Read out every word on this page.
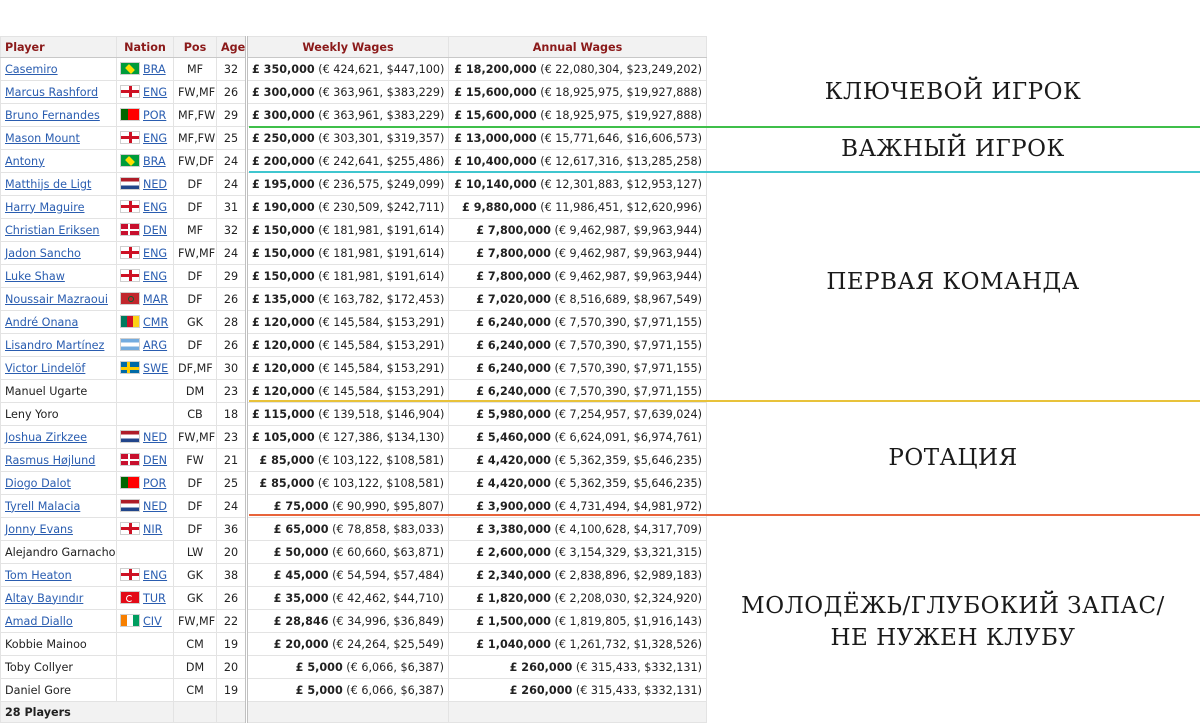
Player	Nation	Pos	Age	Weekly Wages	Annual Wages
Casemiro	BRA	MF	32	£ 350,000 (€ 424,621, $447,100)	£ 18,200,000 (€ 22,080,304, $23,249,202)
Marcus Rashford	ENG	FW,MF	26	£ 300,000 (€ 363,961, $383,229)	£ 15,600,000 (€ 18,925,975, $19,927,888)
Bruno Fernandes	POR	MF,FW	29	£ 300,000 (€ 363,961, $383,229)	£ 15,600,000 (€ 18,925,975, $19,927,888)
Mason Mount	ENG	MF,FW	25	£ 250,000 (€ 303,301, $319,357)	£ 13,000,000 (€ 15,771,646, $16,606,573)
Antony	BRA	FW,DF	24	£ 200,000 (€ 242,641, $255,486)	£ 10,400,000 (€ 12,617,316, $13,285,258)
Matthijs de Ligt	NED	DF	24	£ 195,000 (€ 236,575, $249,099)	£ 10,140,000 (€ 12,301,883, $12,953,127)
Harry Maguire	ENG	DF	31	£ 190,000 (€ 230,509, $242,711)	£ 9,880,000 (€ 11,986,451, $12,620,996)
Christian Eriksen	DEN	MF	32	£ 150,000 (€ 181,981, $191,614)	£ 7,800,000 (€ 9,462,987, $9,963,944)
Jadon Sancho	ENG	FW,MF	24	£ 150,000 (€ 181,981, $191,614)	£ 7,800,000 (€ 9,462,987, $9,963,944)
Luke Shaw	ENG	DF	29	£ 150,000 (€ 181,981, $191,614)	£ 7,800,000 (€ 9,462,987, $9,963,944)
Noussair Mazraoui	MAR	DF	26	£ 135,000 (€ 163,782, $172,453)	£ 7,020,000 (€ 8,516,689, $8,967,549)
André Onana	CMR	GK	28	£ 120,000 (€ 145,584, $153,291)	£ 6,240,000 (€ 7,570,390, $7,971,155)
Lisandro Martínez	ARG	DF	26	£ 120,000 (€ 145,584, $153,291)	£ 6,240,000 (€ 7,570,390, $7,971,155)
Victor Lindelöf	SWE	DF,MF	30	£ 120,000 (€ 145,584, $153,291)	£ 6,240,000 (€ 7,570,390, $7,971,155)
Manuel Ugarte		DM	23	£ 120,000 (€ 145,584, $153,291)	£ 6,240,000 (€ 7,570,390, $7,971,155)
Leny Yoro		CB	18	£ 115,000 (€ 139,518, $146,904)	£ 5,980,000 (€ 7,254,957, $7,639,024)
Joshua Zirkzee	NED	FW,MF	23	£ 105,000 (€ 127,386, $134,130)	£ 5,460,000 (€ 6,624,091, $6,974,761)
Rasmus Højlund	DEN	FW	21	£ 85,000 (€ 103,122, $108,581)	£ 4,420,000 (€ 5,362,359, $5,646,235)
Diogo Dalot	POR	DF	25	£ 85,000 (€ 103,122, $108,581)	£ 4,420,000 (€ 5,362,359, $5,646,235)
Tyrell Malacia	NED	DF	24	£ 75,000 (€ 90,990, $95,807)	£ 3,900,000 (€ 4,731,494, $4,981,972)
Jonny Evans	NIR	DF	36	£ 65,000 (€ 78,858, $83,033)	£ 3,380,000 (€ 4,100,628, $4,317,709)
Alejandro Garnacho		LW	20	£ 50,000 (€ 60,660, $63,871)	£ 2,600,000 (€ 3,154,329, $3,321,315)
Tom Heaton	ENG	GK	38	£ 45,000 (€ 54,594, $57,484)	£ 2,340,000 (€ 2,838,896, $2,989,183)
Altay Bayındır	TUR	GK	26	£ 35,000 (€ 42,462, $44,710)	£ 1,820,000 (€ 2,208,030, $2,324,920)
Amad Diallo	CIV	FW,MF	22	£ 28,846 (€ 34,996, $36,849)	£ 1,500,000 (€ 1,819,805, $1,916,143)
Kobbie Mainoo		CM	19	£ 20,000 (€ 24,264, $25,549)	£ 1,040,000 (€ 1,261,732, $1,328,526)
Toby Collyer		DM	20	£ 5,000 (€ 6,066, $6,387)	£ 260,000 (€ 315,433, $332,131)
Daniel Gore		CM	19	£ 5,000 (€ 6,066, $6,387)	£ 260,000 (€ 315,433, $332,131)
28 Players					
КЛЮЧЕВОЙ ИГРОК
ВАЖНЫЙ ИГРОК
ПЕРВАЯ КОМАНДА
РОТАЦИЯ
МОЛОДЁЖЬ/ГЛУБОКИЙ ЗАПАС/
НЕ НУЖЕН КЛУБУ
